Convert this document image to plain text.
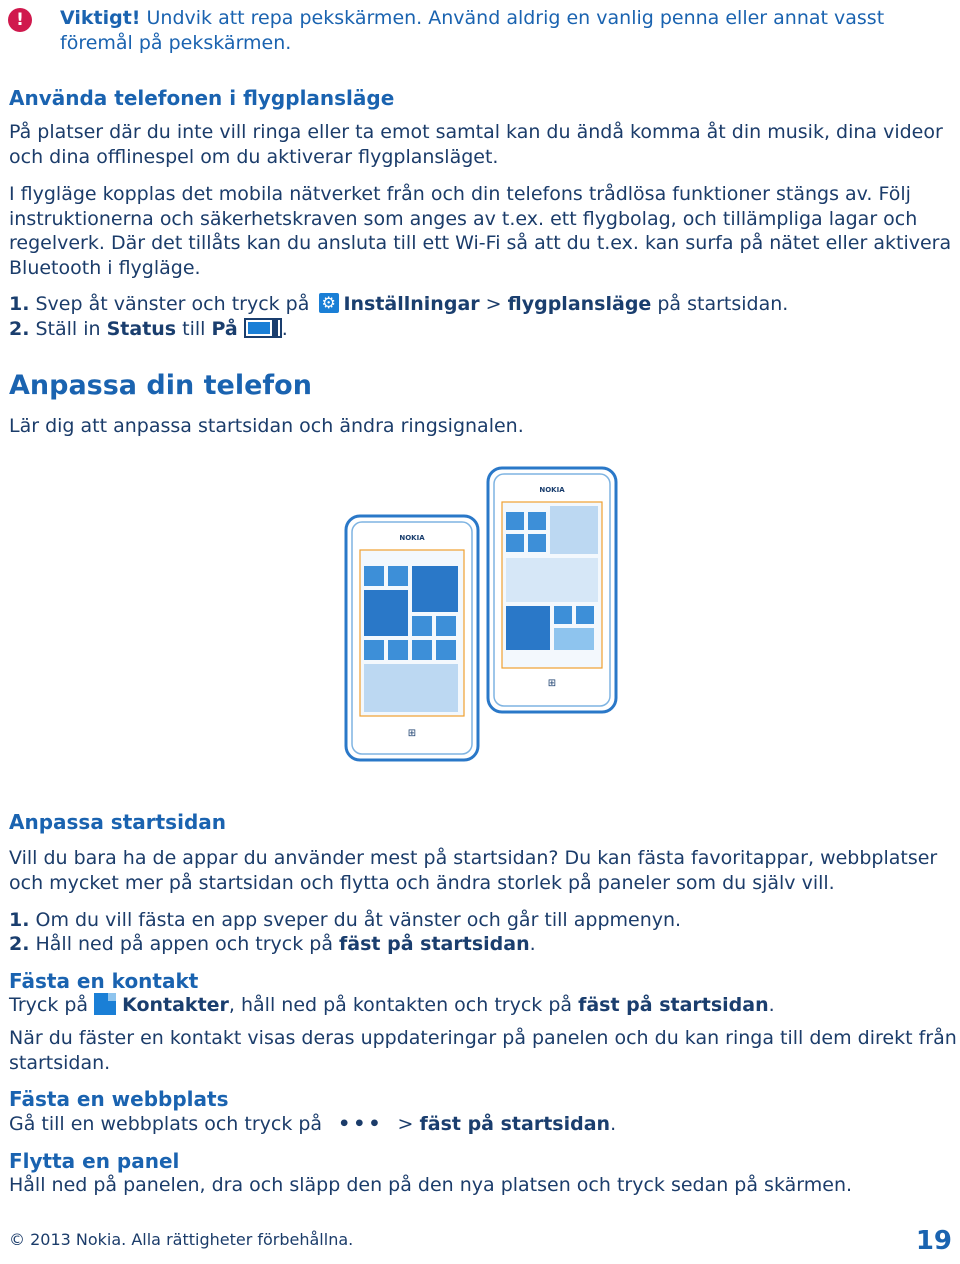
!	Viktigt! Undvik att repa pekskärmen. Använd aldrig en vanlig penna eller annat vasst föremål på pekskärmen.
Använda telefonen i flygplansläge
På platser där du inte vill ringa eller ta emot samtal kan du ändå komma åt din musik, dina videor och dina offlinespel om du aktiverar flygplansläget.
I flygläge kopplas det mobila nätverket från och din telefons trådlösa funktioner stängs av. Följ instruktionerna och säkerhetskraven som anges av t.ex. ett flygbolag, och tillämpliga lagar och regelverk. Där det tillåts kan du ansluta till ett Wi-Fi så att du t.ex. kan surfa på nätet eller aktivera Bluetooth i flygläge.
1. Svep åt vänster och tryck på ⚙Inställningar > flygplansläge på startsidan.
2. Ställ in Status till På .
Anpassa din telefon
Lär dig att anpassa startsidan och ändra ringsignalen.
NOKIA
⊞
NOKIA
⊞
Anpassa startsidan
Vill du bara ha de appar du använder mest på startsidan? Du kan fästa favoritappar, webbplatser och mycket mer på startsidan och flytta och ändra storlek på paneler som du själv vill.
1. Om du vill fästa en app sveper du åt vänster och går till appmenyn.
2. Håll ned på appen och tryck på fäst på startsidan.
Fästa en kontakt
Tryck på Kontakter, håll ned på kontakten och tryck på fäst på startsidan.
När du fäster en kontakt visas deras uppdateringar på panelen och du kan ringa till dem direkt från startsidan.
Fästa en webbplats
Gå till en webbplats och tryck på ••• > fäst på startsidan.
Flytta en panel
Håll ned på panelen, dra och släpp den på den nya platsen och tryck sedan på skärmen.
© 2013 Nokia. Alla rättigheter förbehållna.	19
